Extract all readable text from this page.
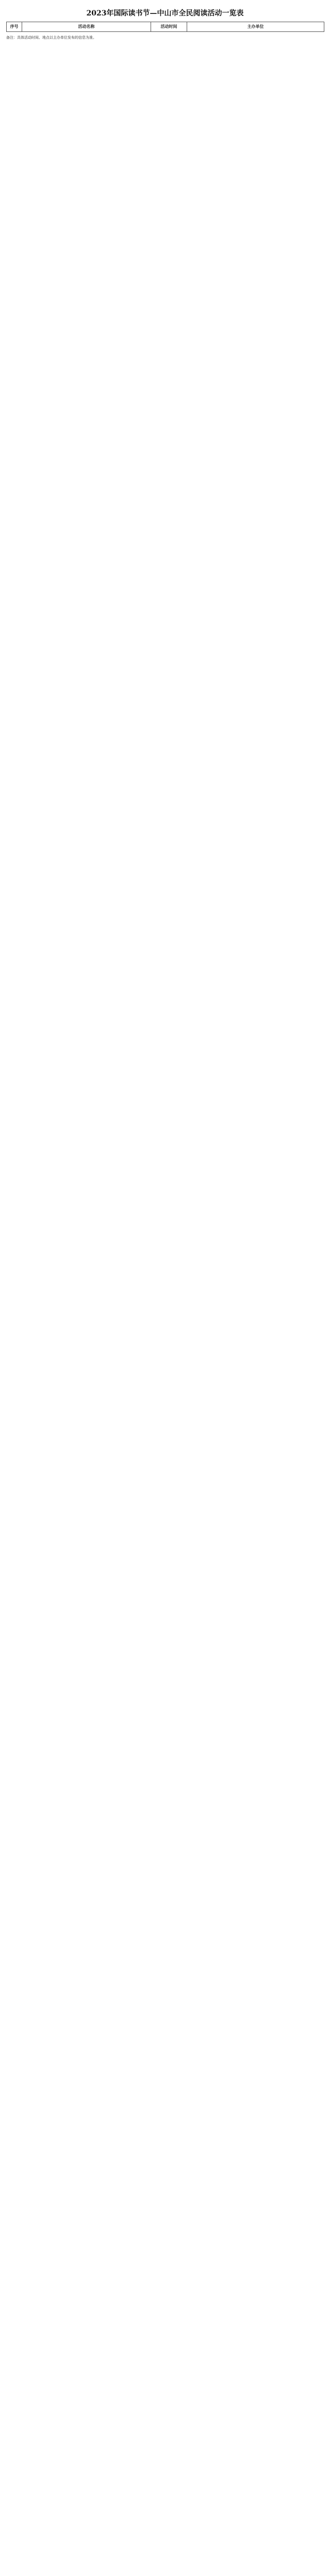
2023年国际读书节—中山市全民阅读活动一览表
序号	活动名称	活动时间	主办单位
备注：具体活动时间、地点以主办单位发布的信息为准。
